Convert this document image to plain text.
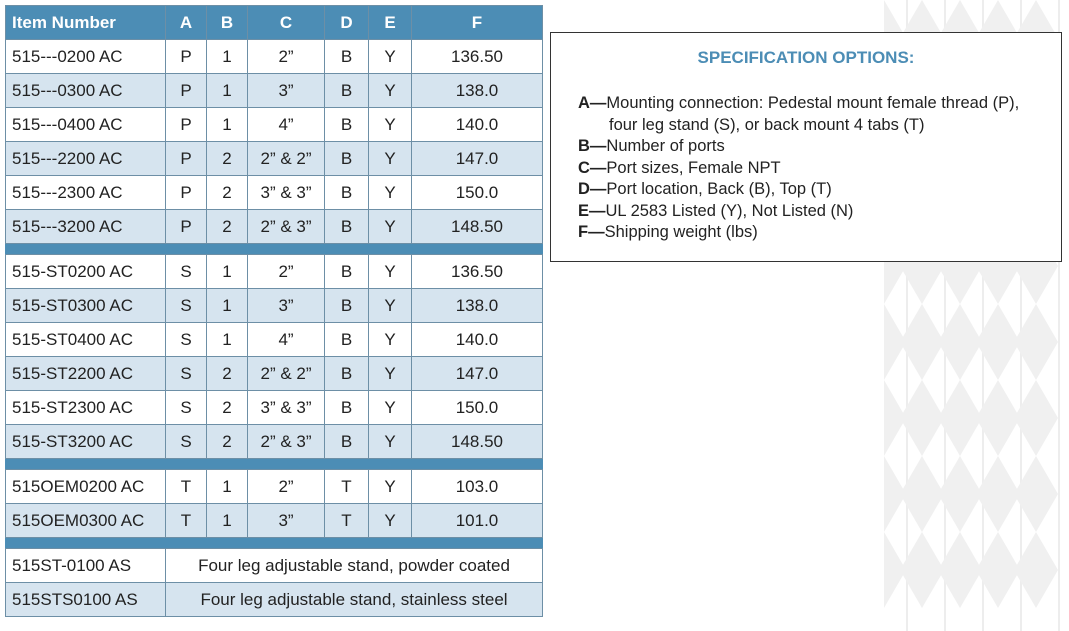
Item Number	A	B	C	D	E	F
515---0200 AC	P	1	2”	B	Y	136.50
515---0300 AC	P	1	3”	B	Y	138.0
515---0400 AC	P	1	4”	B	Y	140.0
515---2200 AC	P	2	2” & 2”	B	Y	147.0
515---2300 AC	P	2	3” & 3”	B	Y	150.0
515---3200 AC	P	2	2” & 3”	B	Y	148.50

515-ST0200 AC	S	1	2”	B	Y	136.50
515-ST0300 AC	S	1	3”	B	Y	138.0
515-ST0400 AC	S	1	4”	B	Y	140.0
515-ST2200 AC	S	2	2” & 2”	B	Y	147.0
515-ST2300 AC	S	2	3” & 3”	B	Y	150.0
515-ST3200 AC	S	2	2” & 3”	B	Y	148.50

515OEM0200 AC	T	1	2”	T	Y	103.0
515OEM0300 AC	T	1	3”	T	Y	101.0

515ST-0100 AS	Four leg adjustable stand, powder coated					
515STS0100 AS	Four leg adjustable stand, stainless steel					
SPECIFICATION OPTIONS:
A—Mounting connection: Pedestal mount female thread (P), four leg stand (S), or back mount 4 tabs (T)
B—Number of ports
C—Port sizes, Female NPT
D—Port location, Back (B), Top (T)
E—UL 2583 Listed (Y), Not Listed (N)
F—Shipping weight (lbs)
